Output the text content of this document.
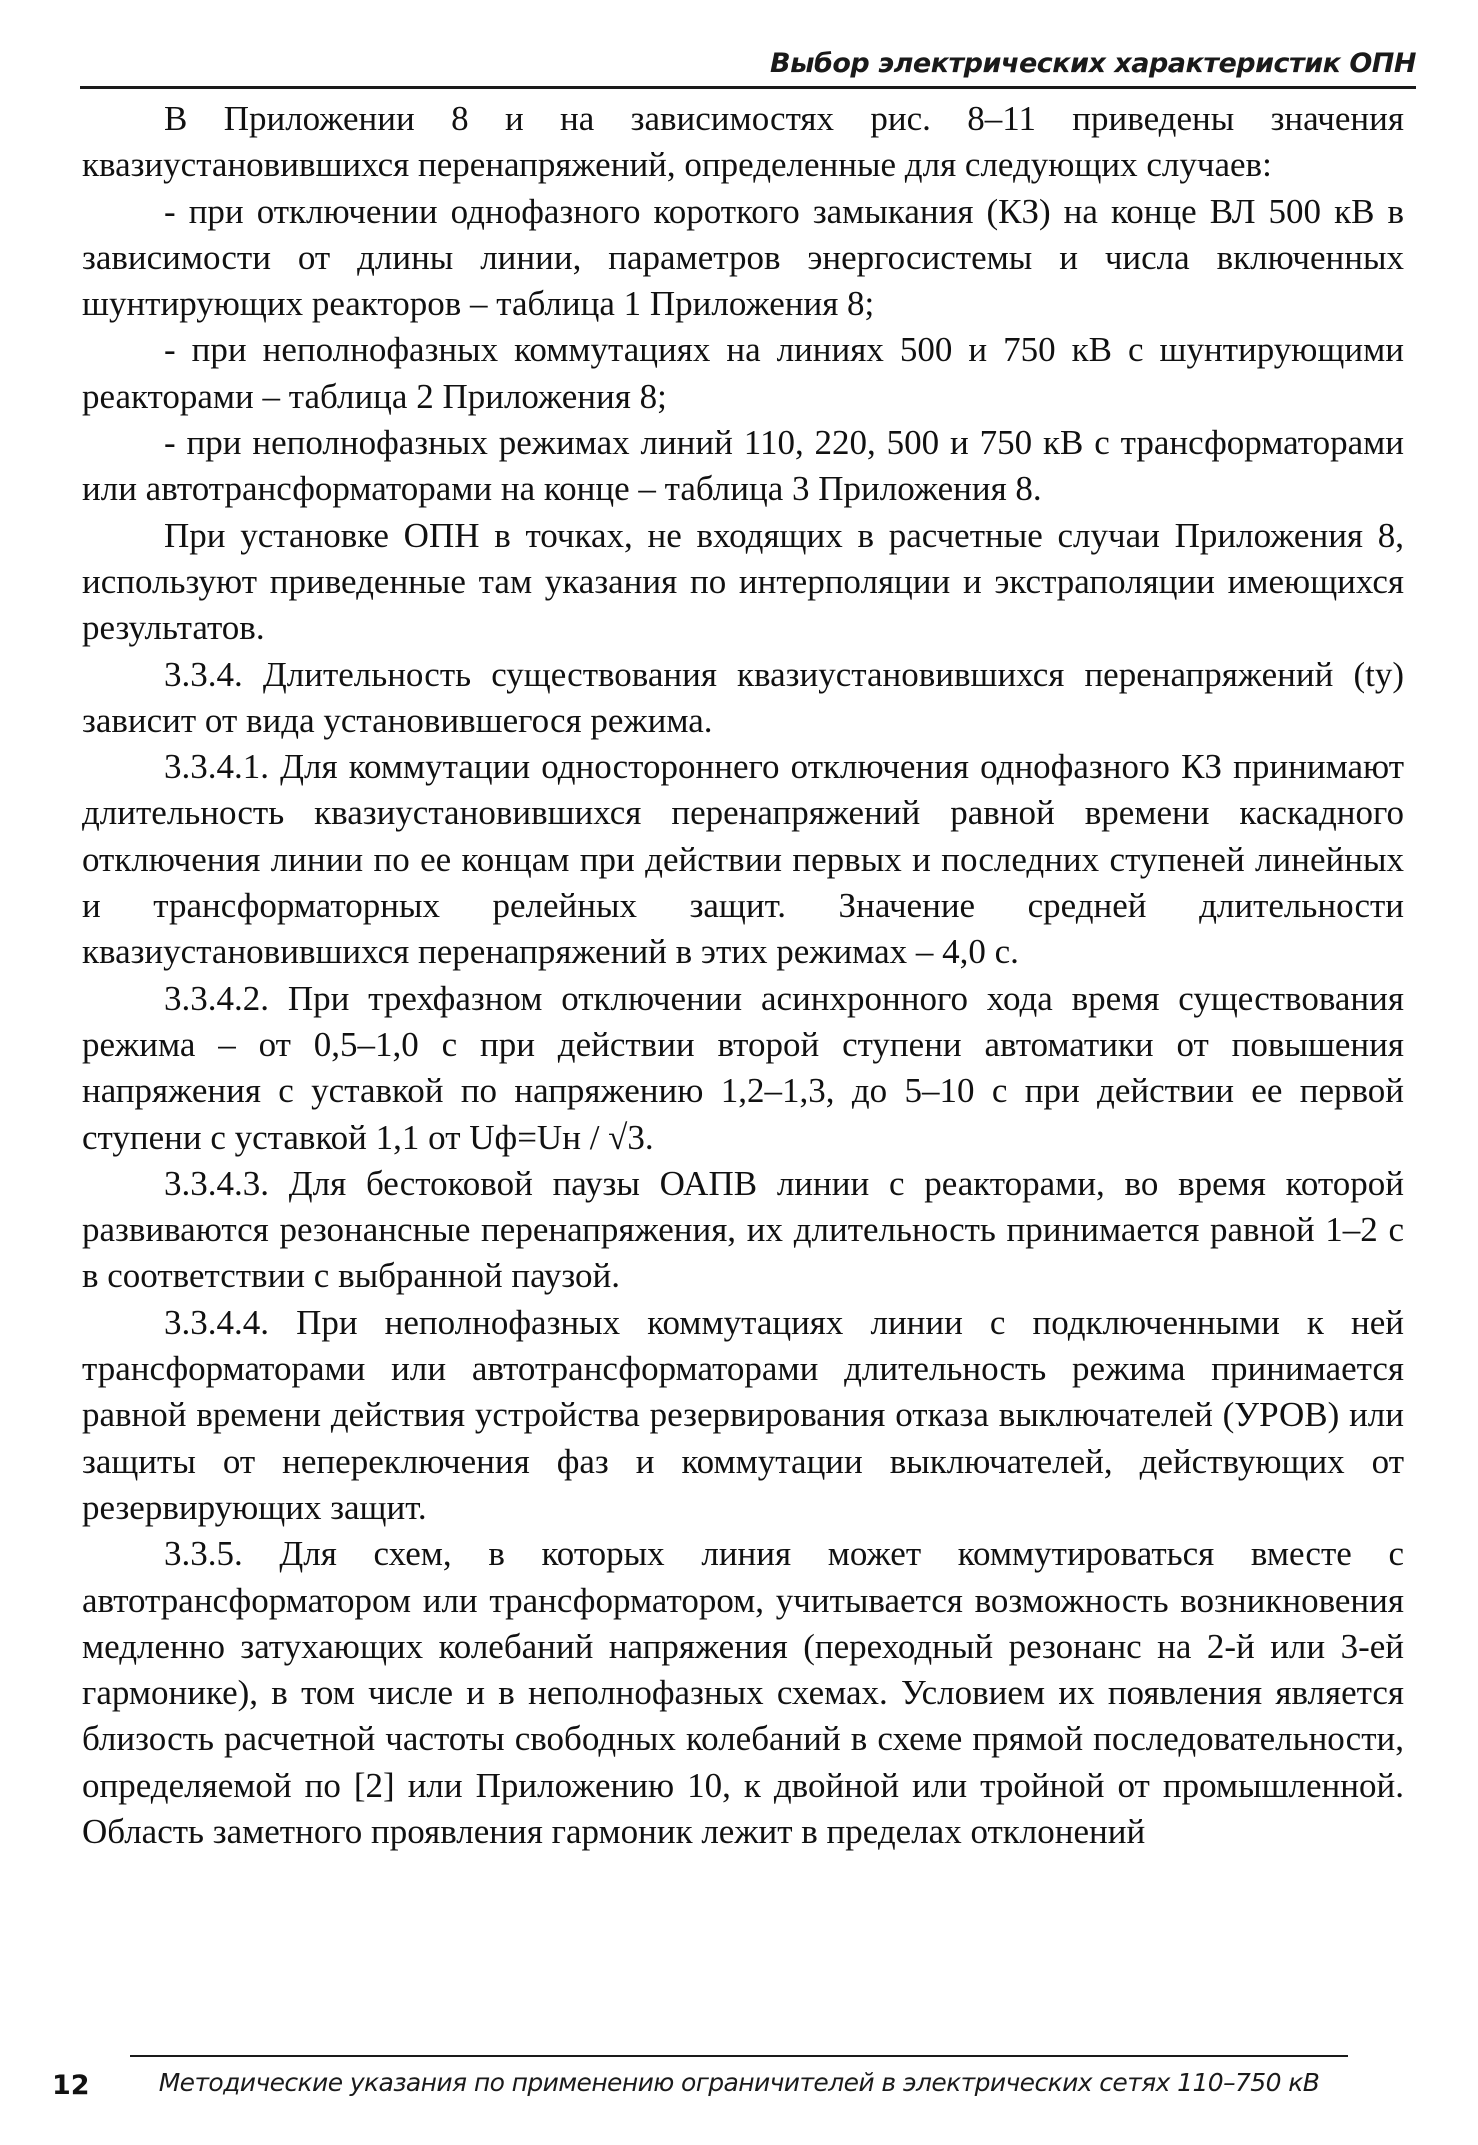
Выбор электрических характеристик ОПН

В Приложении 8 и на зависимостях рис. 8–11 приведены значения квазиустановившихся перенапряжений, определенные для следующих случаев:

- при отключении однофазного короткого замыкания (КЗ) на конце ВЛ 500 кВ в зависимости от длины линии, параметров энергосистемы и числа включенных шунтирующих реакторов – таблица 1 Приложения 8;

- при неполнофазных коммутациях на линиях 500 и 750 кВ с шунтирующими реакторами – таблица 2 Приложения 8;

- при неполнофазных режимах линий 110, 220, 500 и 750 кВ с трансформаторами или автотрансформаторами на конце – таблица 3 Приложения 8.

При установке ОПН в точках, не входящих в расчетные случаи Приложения 8, используют приведенные там указания по интерполяции и экстраполяции имеющихся результатов.

3.3.4. Длительность существования квазиустановившихся перенапряжений (tу) зависит от вида установившегося режима.

3.3.4.1. Для коммутации одностороннего отключения однофазного КЗ принимают длительность квазиустановившихся перенапряжений равной времени каскадного отключения линии по ее концам при действии первых и последних ступеней линейных и трансформаторных релейных защит. Значение средней длительности квазиустановившихся перенапряжений в этих режимах – 4,0 с.

3.3.4.2. При трехфазном отключении асинхронного хода время существования режима – от 0,5–1,0 с при действии второй ступени автоматики от повышения напряжения с уставкой по напряжению 1,2–1,3, до 5–10 с при действии ее первой ступени с уставкой 1,1 от Uф=Uн / √3.

3.3.4.3. Для бестоковой паузы ОАПВ линии с реакторами, во время которой развиваются резонансные перенапряжения, их длительность принимается равной 1–2 с в соответствии с выбранной паузой.

3.3.4.4. При неполнофазных коммутациях линии с подключенными к ней трансформаторами или автотрансформаторами длительность режима принимается равной времени действия устройства резервирования отказа выключателей (УРОВ) или защиты от непереключения фаз и коммутации выключателей, действующих от резервирующих защит.

3.3.5. Для схем, в которых линия может коммутироваться вместе с автотрансформатором или трансформатором, учитывается возможность возникновения медленно затухающих колебаний напряжения (переходный резонанс на 2-й или 3-ей гармонике), в том числе и в неполнофазных схемах. Условием их появления является близость расчетной частоты свободных колебаний в схеме прямой последовательности, определяемой по [2] или Приложению 10, к двойной или тройной от промышленной. Область заметного проявления гармоник лежит в пределах отклонений

12	Методические указания по применению ограничителей в электрических сетях 110–750 кВ
